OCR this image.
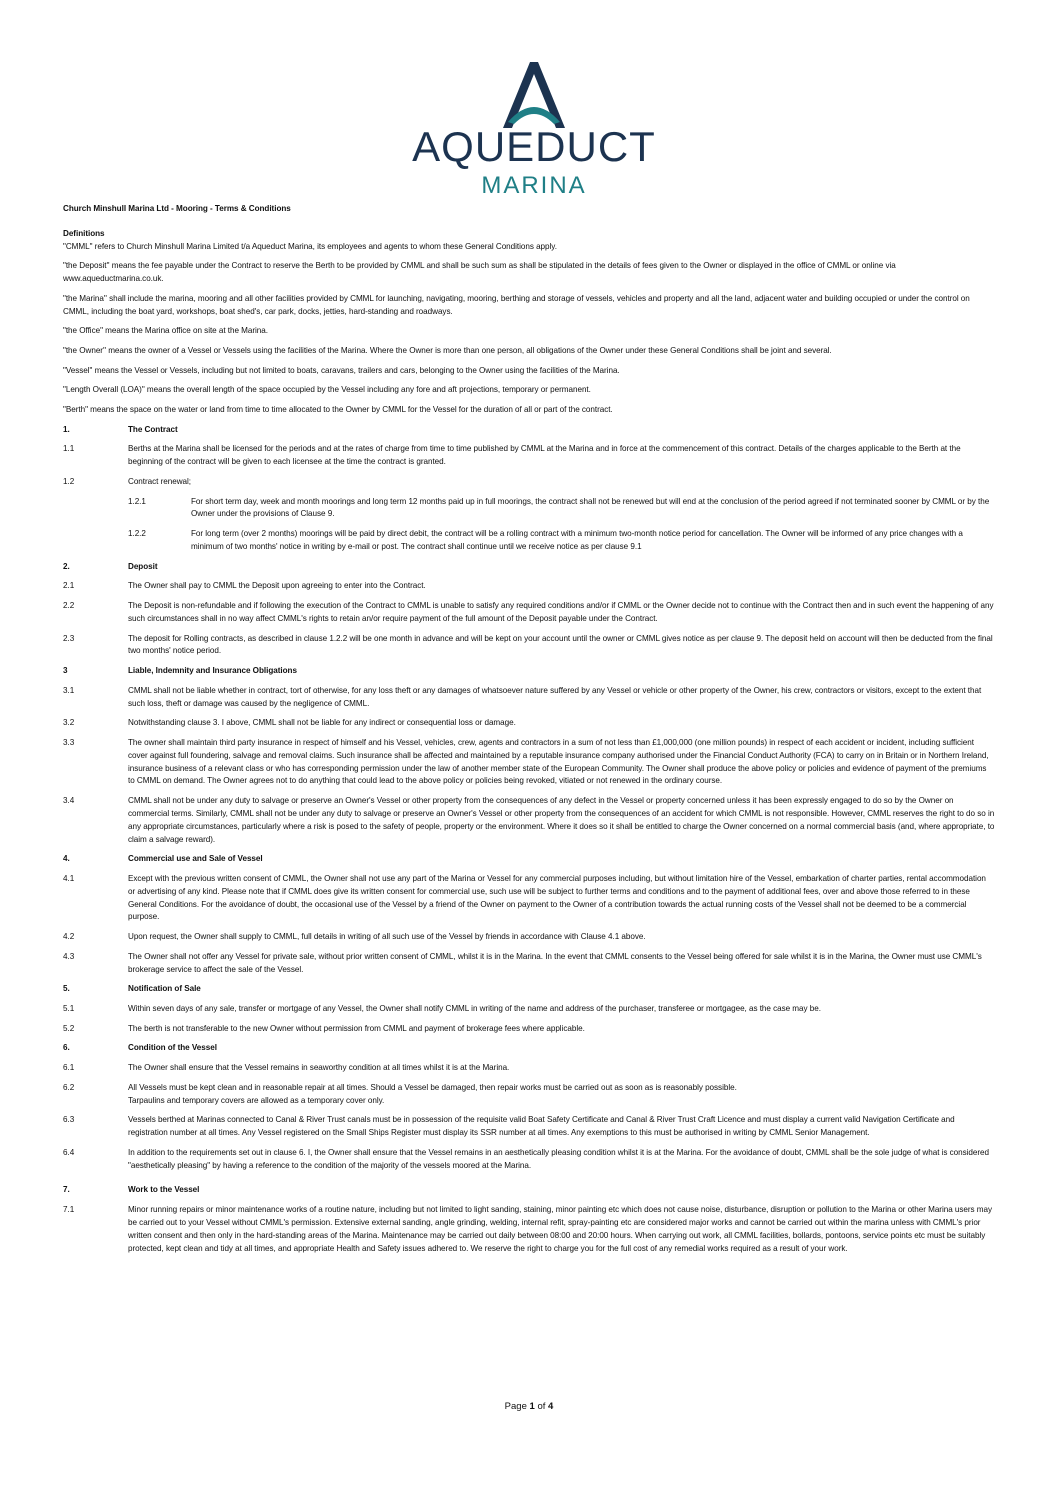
AQUEDUCT
MARINA
Church Minshull Marina Ltd - Mooring - Terms & Conditions
Definitions
"CMML" refers to Church Minshull Marina Limited t/a Aqueduct Marina, its employees and agents to whom these General Conditions apply.
"the Deposit'' means the fee payable under the Contract to reserve the Berth to be provided by CMML and shall be such sum as shall be stipulated in the details of fees given to the Owner or displayed in the office of CMML or online via www.aqueductmarina.co.uk.
"the Marina'' shall include the marina, mooring and all other facilities provided by CMML for launching, navigating, mooring, berthing and storage of vessels, vehicles and property and all the land, adjacent water and building occupied or under the control on CMML, including the boat yard, workshops, boat shed's, car park, docks, jetties, hard-standing and roadways.
"the Office" means the Marina office on site at the Marina.
"the Owner'' means the owner of a Vessel or Vessels using the facilities of the Marina. Where the Owner is more than one person, all obligations of the Owner under these General Conditions shall be joint and several.
"Vessel" means the Vessel or Vessels, including but not limited to boats, caravans, trailers and cars, belonging to the Owner using the facilities of the Marina.
"Length Overall (LOA)" means the overall length of the space occupied by the Vessel including any fore and aft projections, temporary or permanent.
"Berth" means the space on the water or land from time to time allocated to the Owner by CMML for the Vessel for the duration of all or part of the contract.
1.	The Contract
1.1	Berths at the Marina shall be licensed for the periods and at the rates of charge from time to time published by CMML at the Marina and in force at the commencement of this contract. Details of the charges applicable to the Berth at the beginning of the contract will be given to each licensee at the time the contract is granted.
1.2	Contract renewal;
1.2.1	For short term day, week and month moorings and long term 12 months paid up in full moorings, the contract shall not be renewed but will end at the conclusion of the period agreed if not terminated sooner by CMML or by the Owner under the provisions of Clause 9.
1.2.2	For long term (over 2 months) moorings will be paid by direct debit, the contract will be a rolling contract with a minimum two-month notice period for cancellation. The Owner will be informed of any price changes with a minimum of two months' notice in writing by e-mail or post. The contract shall continue until we receive notice as per clause 9.1
2.	Deposit
2.1	The Owner shall pay to CMML the Deposit upon agreeing to enter into the Contract.
2.2	The Deposit is non-refundable and if following the execution of the Contract to CMML is unable to satisfy any required conditions and/or if CMML or the Owner decide not to continue with the Contract then and in such event the happening of any such circumstances shall in no way affect CMML's rights to retain an/or require payment of the full amount of the Deposit payable under the Contract.
2.3	The deposit for Rolling contracts, as described in clause 1.2.2 will be one month in advance and will be kept on your account until the owner or CMML gives notice as per clause 9. The deposit held on account will then be deducted from the final two months' notice period.
3	Liable, Indemnity and Insurance Obligations
3.1	CMML shall not be liable whether in contract, tort of otherwise, for any loss theft or any damages of whatsoever nature suffered by any Vessel or vehicle or other property of the Owner, his crew, contractors or visitors, except to the extent that such loss, theft or damage was caused by the negligence of CMML.
3.2	Notwithstanding clause 3. I above, CMML shall not be liable for any indirect or consequential loss or damage.
3.3	The owner shall maintain third party insurance in respect of himself and his Vessel, vehicles, crew, agents and contractors in a sum of not less than £1,000,000 (one million pounds) in respect of each accident or incident, including sufficient cover against full foundering, salvage and removal claims. Such insurance shall be affected and maintained by a reputable insurance company authorised under the Financial Conduct Authority (FCA) to carry on in Britain or in Northern Ireland, insurance business of a relevant class or who has corresponding permission under the law of another member state of the European Community. The Owner shall produce the above policy or policies and evidence of payment of the premiums to CMML on demand. The Owner agrees not to do anything that could lead to the above policy or policies being revoked, vitiated or not renewed in the ordinary course.
3.4	CMML shall not be under any duty to salvage or preserve an Owner's Vessel or other property from the consequences of any defect in the Vessel or property concerned unless it has been expressly engaged to do so by the Owner on commercial terms. Similarly, CMML shall not be under any duty to salvage or preserve an Owner's Vessel or other property from the consequences of an accident for which CMML is not responsible. However, CMML reserves the right to do so in any appropriate circumstances, particularly where a risk is posed to the safety of people, property or the environment. Where it does so it shall be entitled to charge the Owner concerned on a normal commercial basis (and, where appropriate, to claim a salvage reward).
4.	Commercial use and Sale of Vessel
4.1	Except with the previous written consent of CMML, the Owner shall not use any part of the Marina or Vessel for any commercial purposes including, but without limitation hire of the Vessel, embarkation of charter parties, rental accommodation or advertising of any kind. Please note that if CMML does give its written consent for commercial use, such use will be subject to further terms and conditions and to the payment of additional fees, over and above those referred to in these General Conditions. For the avoidance of doubt, the occasional use of the Vessel by a friend of the Owner on payment to the Owner of a contribution towards the actual running costs of the Vessel shall not be deemed to be a commercial purpose.
4.2	Upon request, the Owner shall supply to CMML, full details in writing of all such use of the Vessel by friends in accordance with Clause 4.1 above.
4.3	The Owner shall not offer any Vessel for private sale, without prior written consent of CMML, whilst it is in the Marina. In the event that CMML consents to the Vessel being offered for sale whilst it is in the Marina, the Owner must use CMML's brokerage service to affect the sale of the Vessel.
5.	Notification of Sale
5.1	Within seven days of any sale, transfer or mortgage of any Vessel, the Owner shall notify CMML in writing of the name and address of the purchaser, transferee or mortgagee, as the case may be.
5.2	The berth is not transferable to the new Owner without permission from CMML and payment of brokerage fees where applicable.
6.	Condition of the Vessel
6.1	The Owner shall ensure that the Vessel remains in seaworthy condition at all times whilst it is at the Marina.
6.2	All Vessels must be kept clean and in reasonable repair at all times. Should a Vessel be damaged, then repair works must be carried out as soon as is reasonably possible.
Tarpaulins and temporary covers are allowed as a temporary cover only.
6.3	Vessels berthed at Marinas connected to Canal & River Trust canals must be in possession of the requisite valid Boat Safety Certificate and Canal & River Trust Craft Licence and must display a current valid Navigation Certificate and registration number at all times. Any Vessel registered on the Small Ships Register must display its SSR number at all times. Any exemptions to this must be authorised in writing by CMML Senior Management.
6.4	In addition to the requirements set out in clause 6. I, the Owner shall ensure that the Vessel remains in an aesthetically pleasing condition whilst it is at the Marina. For the avoidance of doubt, CMML shall be the sole judge of what is considered "aesthetically pleasing" by having a reference to the condition of the majority of the vessels moored at the Marina.
7.	Work to the Vessel
7.1	Minor running repairs or minor maintenance works of a routine nature, including but not limited to light sanding, staining, minor painting etc which does not cause noise, disturbance, disruption or pollution to the Marina or other Marina users may be carried out to your Vessel without CMML's permission. Extensive external sanding, angle grinding, welding, internal refit, spray-painting etc are considered major works and cannot be carried out within the marina unless with CMML's prior written consent and then only in the hard-standing areas of the Marina. Maintenance may be carried out daily between 08:00 and 20:00 hours. When carrying out work, all CMML facilities, bollards, pontoons, service points etc must be suitably protected, kept clean and tidy at all times, and appropriate Health and Safety issues adhered to. We reserve the right to charge you for the full cost of any remedial works required as a result of your work.
Page 1 of 4
